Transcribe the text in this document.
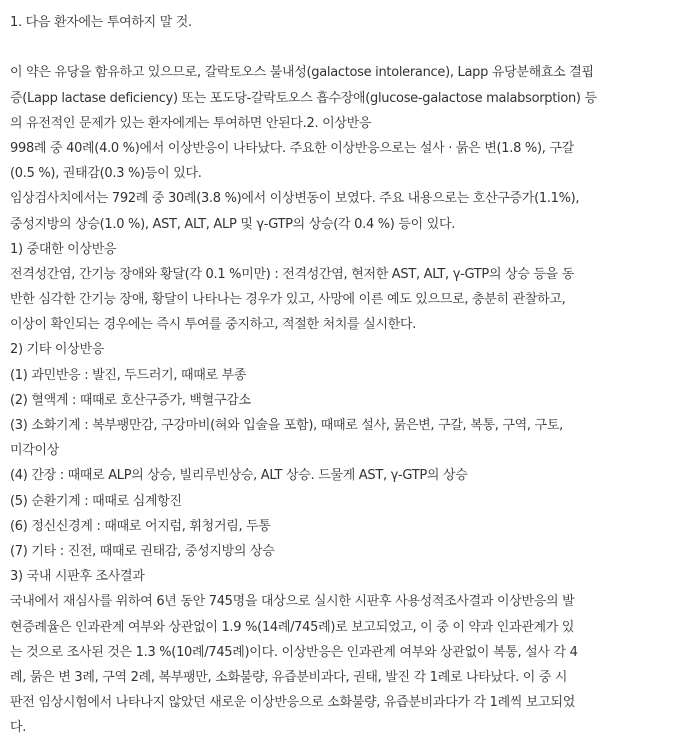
1. 다음 환자에는 투여하지 말 것.
이 약은 유당을 함유하고 있으므로, 갈락토오스 불내성(galactose intolerance), Lapp 유당분해효소 결핍
증(Lapp lactase deficiency) 또는 포도당-갈락토오스 흡수장애(glucose-galactose malabsorption) 등
의 유전적인 문제가 있는 환자에게는 투여하면 안된다.2. 이상반응
998례 중 40례(4.0 %)에서 이상반응이 나타났다. 주요한 이상반응으로는 설사 · 묽은 변(1.8 %), 구갈
(0.5 %), 권태감(0.3 %)등이 있다.
임상검사치에서는 792례 중 30례(3.8 %)에서 이상변동이 보였다. 주요 내용으로는 호산구증가(1.1%),
중성지방의 상승(1.0 %), AST, ALT, ALP 및 γ-GTP의 상승(각 0.4 %) 등이 있다.
1) 중대한 이상반응
전격성간염, 간기능 장애와 황달(각 0.1 %미만) : 전격성간염, 현저한 AST, ALT, γ-GTP의 상승 등을 동
반한 심각한 간기능 장애, 황달이 나타나는 경우가 있고, 사망에 이른 예도 있으므로, 충분히 관찰하고,
이상이 확인되는 경우에는 즉시 투여를 중지하고, 적절한 처치를 실시한다.
2) 기타 이상반응
(1) 과민반응 : 발진, 두드러기, 때때로 부종
(2) 혈액계 : 때때로 호산구증가, 백혈구감소
(3) 소화기계 : 복부팽만감, 구강마비(혀와 입술을 포함), 때때로 설사, 묽은변, 구갈, 복통, 구역, 구토,
미각이상
(4) 간장 : 때때로 ALP의 상승, 빌리루빈상승, ALT 상승. 드물게 AST, γ-GTP의 상승
(5) 순환기계 : 때때로 심계항진
(6) 정신신경계 : 때때로 어지럼, 휘청거림, 두통
(7) 기타 : 진전, 때때로 권태감, 중성지방의 상승
3) 국내 시판후 조사결과
국내에서 재심사를 위하여 6년 동안 745명을 대상으로 실시한 시판후 사용성적조사결과 이상반응의 발
현증례율은 인과관계 여부와 상관없이 1.9 %(14례/745례)로 보고되었고, 이 중 이 약과 인과관계가 있
는 것으로 조사된 것은 1.3 %(10례/745례)이다. 이상반응은 인과관계 여부와 상관없이 복통, 설사 각 4
례, 묽은 변 3례, 구역 2례, 복부팽만, 소화불량, 유즙분비과다, 권태, 발진 각 1례로 나타났다. 이 중 시
판전 임상시험에서 나타나지 않았던 새로운 이상반응으로 소화불량, 유즙분비과다가 각 1례씩 보고되었
다.
